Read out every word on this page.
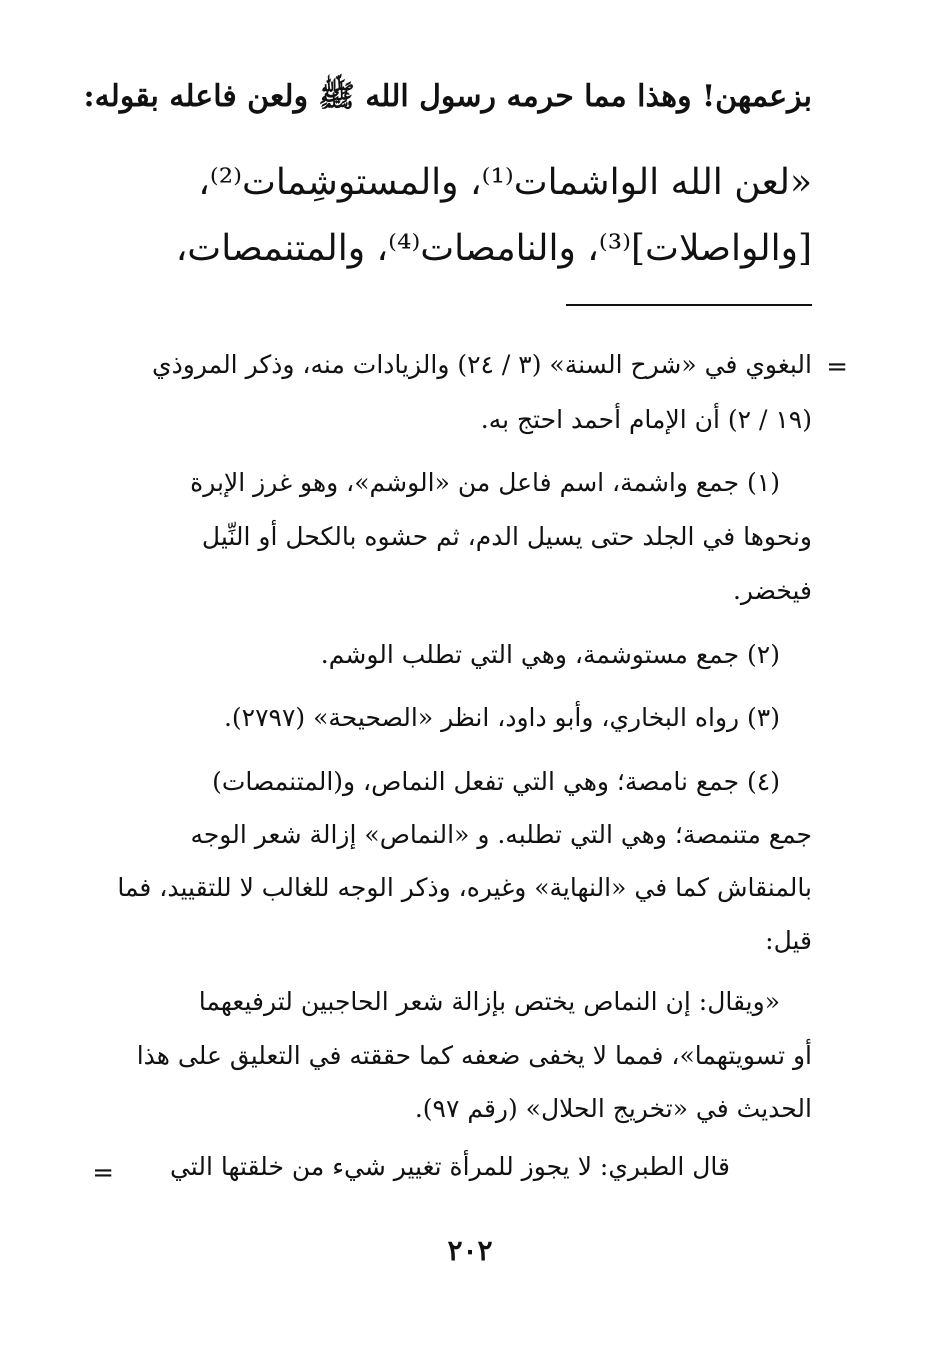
بزعمهن! وهذا مما حرمه رسول الله ﷺ ولعن فاعله بقوله:
«لعن الله الواشمات⁽¹⁾، والمستوشِمات⁽²⁾،
[والواصلات]⁽³⁾، والنامصات⁽⁴⁾، والمتنمصات،
=
البغوي في «شرح السنة» (٣ / ٢٤) والزيادات منه، وذكر المروذي
(١٩ / ٢) أن الإمام أحمد احتج به.
(١) جمع واشمة، اسم فاعل من «الوشم»، وهو غرز الإبرة
ونحوها في الجلد حتى يسيل الدم، ثم حشوه بالكحل أو النِّيل
فيخضر.
(٢) جمع مستوشمة، وهي التي تطلب الوشم.
(٣) رواه البخاري، وأبو داود، انظر «الصحيحة» (٢٧٩٧).
(٤) جمع نامصة؛ وهي التي تفعل النماص، و(المتنمصات)
جمع متنمصة؛ وهي التي تطلبه. و «النماص» إزالة شعر الوجه
بالمنقاش كما في «النهاية» وغيره، وذكر الوجه للغالب لا للتقييد، فما
قيل:
«ويقال: إن النماص يختص بإزالة شعر الحاجبين لترفيعهما
أو تسويتهما»، فمما لا يخفى ضعفه كما حققته في التعليق على هذا
الحديث في «تخريج الحلال» (رقم ٩٧).
قال الطبري: لا يجوز للمرأة تغيير شيء من خلقتها التي
=
٢٠٢
